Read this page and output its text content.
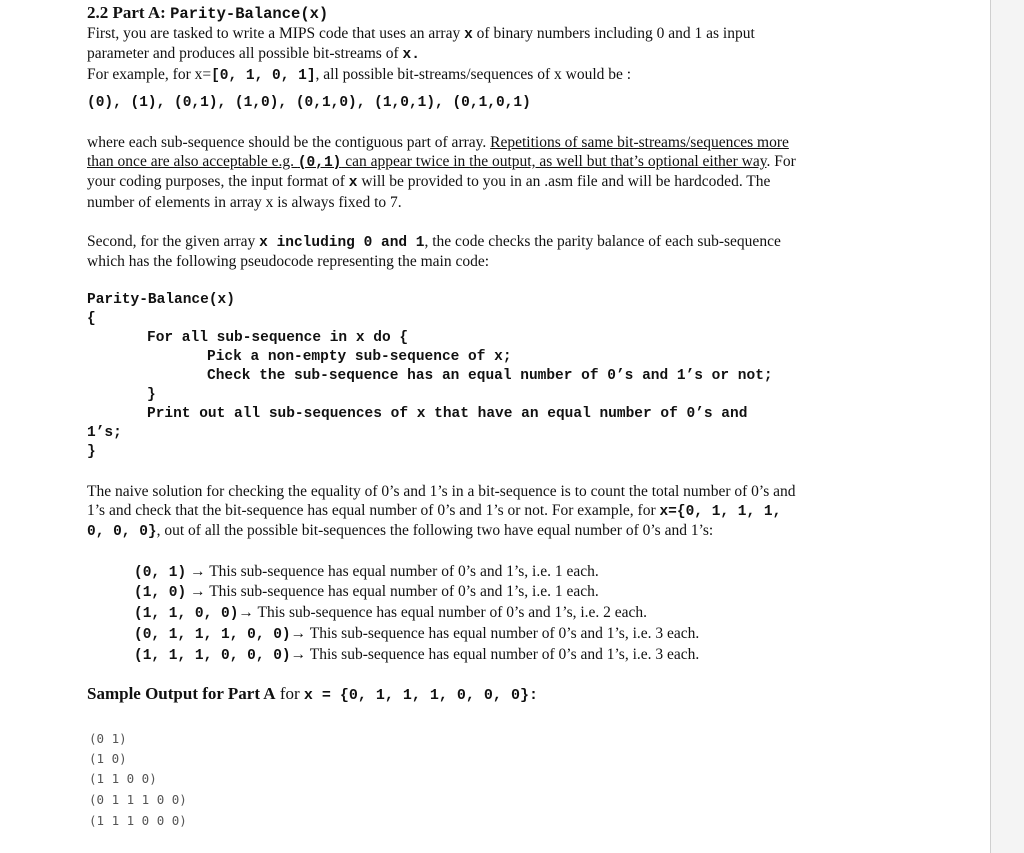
2.2 Part A: Parity-Balance(x)
First, you are tasked to write a MIPS code that uses an array x of binary numbers including 0 and 1 as input
parameter and produces all possible bit-streams of x.
For example, for x=[0, 1, 0, 1], all possible bit-streams/sequences of x would be :
(0), (1), (0,1), (1,0), (0,1,0), (1,0,1), (0,1,0,1)
where each sub-sequence should be the contiguous part of array. Repetitions of same bit-streams/sequences more
than once are also acceptable e.g. (0,1) can appear twice in the output, as well but that’s optional either way. For
your coding purposes, the input format of x will be provided to you in an .asm file and will be hardcoded. The
number of elements in array x is always fixed to 7.
Second, for the given array x including 0 and 1, the code checks the parity balance of each sub-sequence
which has the following pseudocode representing the main code:
Parity-Balance(x)
{
For all sub-sequence in x do {
Pick a non-empty sub-sequence of x;
Check the sub-sequence has an equal number of 0’s and 1’s or not;
}
Print out all sub-sequences of x that have an equal number of 0’s and
1’s;
}
The naive solution for checking the equality of 0’s and 1’s in a bit-sequence is to count the total number of 0’s and
1’s and check that the bit-sequence has equal number of 0’s and 1’s or not. For example, for x={0, 1, 1, 1,
0, 0, 0}, out of all the possible bit-sequences the following two have equal number of 0’s and 1’s:
(0, 1) → This sub-sequence has equal number of 0’s and 1’s, i.e. 1 each.
(1, 0) → This sub-sequence has equal number of 0’s and 1’s, i.e. 1 each.
(1, 1, 0, 0)→ This sub-sequence has equal number of 0’s and 1’s, i.e. 2 each.
(0, 1, 1, 1, 0, 0)→ This sub-sequence has equal number of 0’s and 1’s, i.e. 3 each.
(1, 1, 1, 0, 0, 0)→ This sub-sequence has equal number of 0’s and 1’s, i.e. 3 each.
Sample Output for Part A for x = {0, 1, 1, 1, 0, 0, 0}:
(0 1)
(1 0)
(1 1 0 0)
(0 1 1 1 0 0)
(1 1 1 0 0 0)
